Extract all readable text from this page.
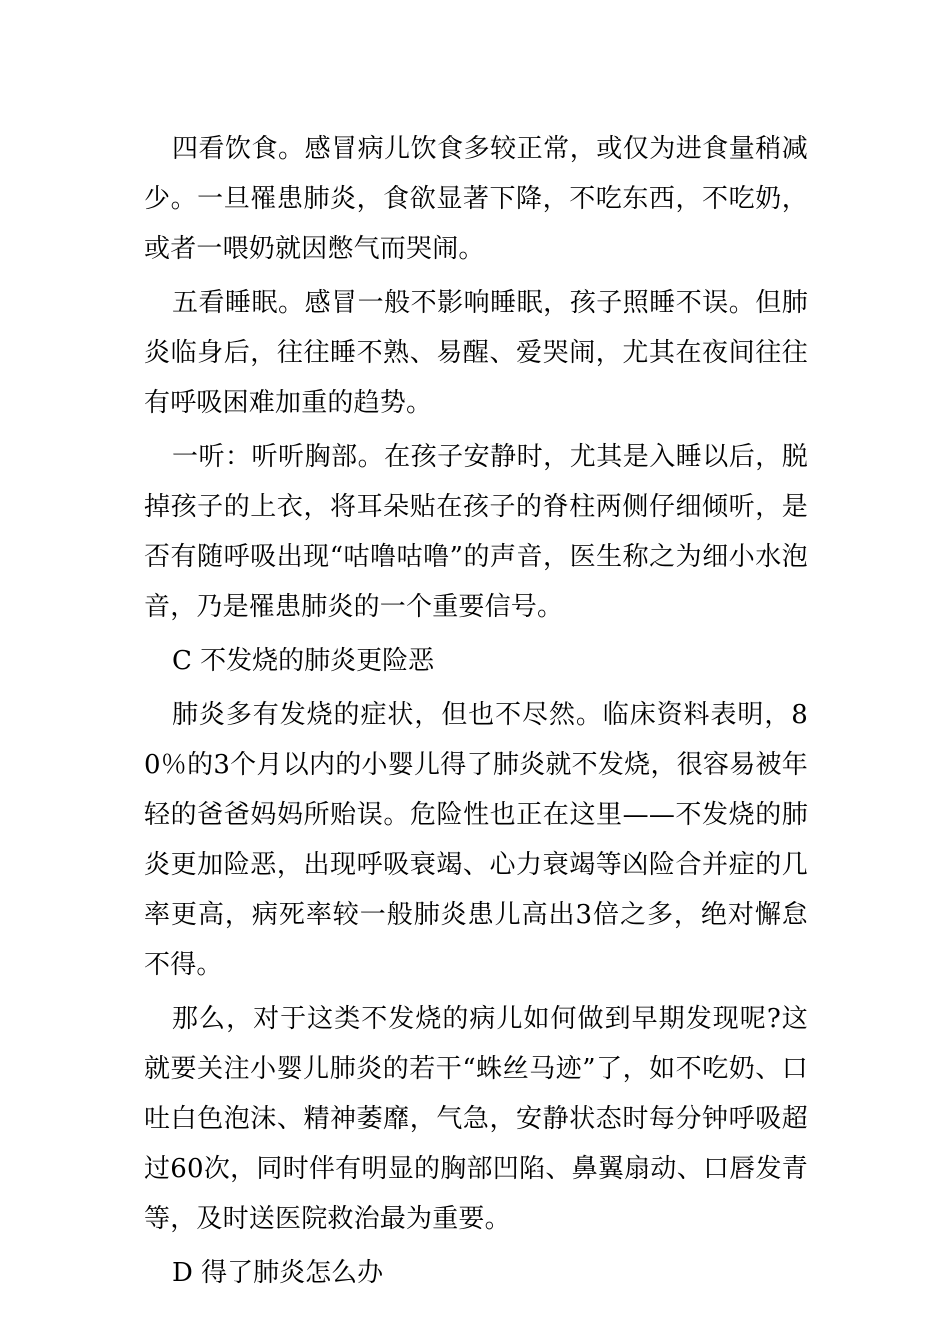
四看饮食。感冒病儿饮食多较正常，或仅为进食量稍减少。一旦罹患肺炎，食欲显著下降，不吃东西，不吃奶，或者一喂奶就因憋气而哭闹。

五看睡眠。感冒一般不影响睡眠，孩子照睡不误。但肺炎临身后，往往睡不熟、易醒、爱哭闹，尤其在夜间往往有呼吸困难加重的趋势。

一听：听听胸部。在孩子安静时，尤其是入睡以后，脱掉孩子的上衣，将耳朵贴在孩子的脊柱两侧仔细倾听，是否有随呼吸出现“咕噜咕噜”的声音，医生称之为细小水泡音，乃是罹患肺炎的一个重要信号。

C 不发烧的肺炎更险恶

肺炎多有发烧的症状，但也不尽然。临床资料表明，80％的3个月以内的小婴儿得了肺炎就不发烧，很容易被年轻的爸爸妈妈所贻误。危险性也正在这里——不发烧的肺炎更加险恶，出现呼吸衰竭、心力衰竭等凶险合并症的几率更高，病死率较一般肺炎患儿高出3倍之多，绝对懈怠不得。

那么，对于这类不发烧的病儿如何做到早期发现呢?这就要关注小婴儿肺炎的若干“蛛丝马迹”了，如不吃奶、口吐白色泡沫、精神萎靡，气急，安静状态时每分钟呼吸超过60次，同时伴有明显的胸部凹陷、鼻翼扇动、口唇发青等，及时送医院救治最为重要。

D 得了肺炎怎么办
